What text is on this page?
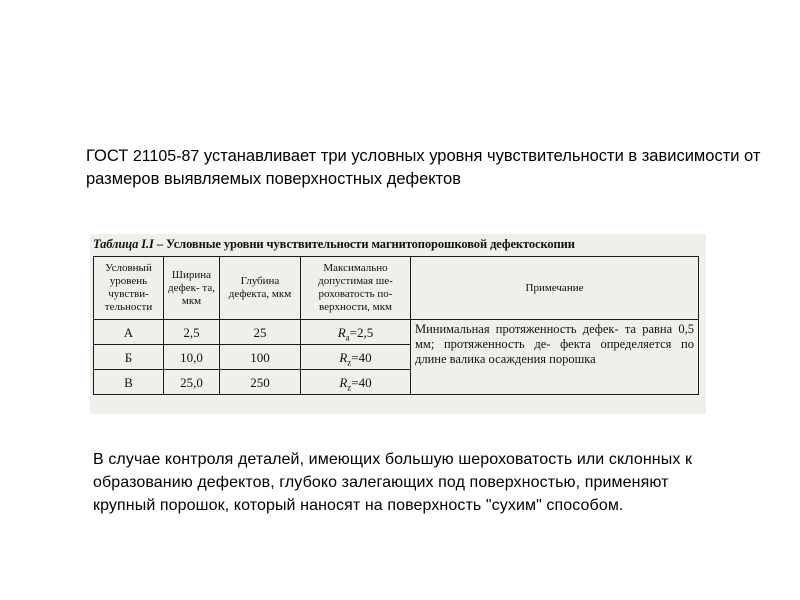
ГОСТ 21105-87 устанавливает три условных уровня чувствительности в зависимости от размеров выявляемых поверхностных дефектов

Таблица I.I – Условные уровни чувствительности магнитопорошковой дефектоскопии
Условный уровень чувстви- тельности	Ширина дефек- та, мкм	Глубина дефекта, мкм	Максимально допустимая ше- роховатость по- верхности, мкм	Примечание
А	2,5	25	$R_a=2,5$	Минимальная протяженность дефек- та равна 0,5 мм; протяженность де- фекта определяется по длине валика осаждения порошка
Б	10,0	100	$R_z=40$	
В	25,0	250	$R_z=40$	

В случае контроля деталей, имеющих большую шероховатость или склонных к образованию дефектов, глубоко залегающих под поверхностью, применяют крупный порошок, который наносят на поверхность "сухим" способом.
